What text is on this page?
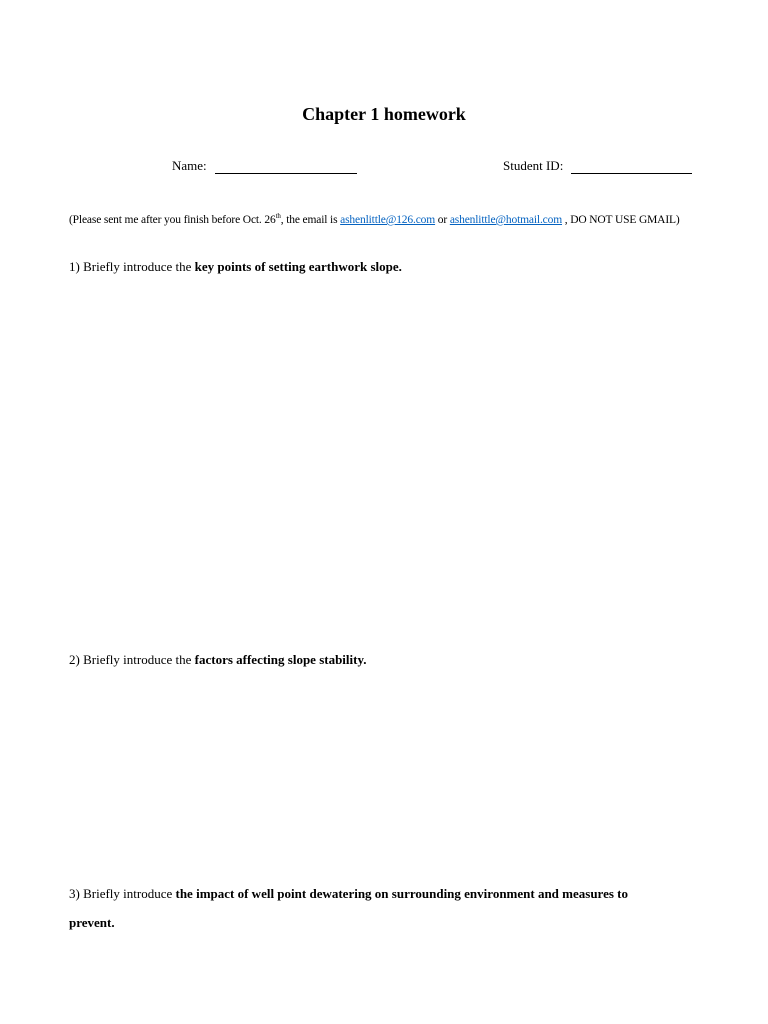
Chapter 1 homework
Name:	Student ID:
(Please sent me after you finish before Oct. 26th, the email is ashenlittle@126.com or ashenlittle@hotmail.com , DO NOT USE GMAIL)
1) Briefly introduce the key points of setting earthwork slope.
2) Briefly introduce the factors affecting slope stability.
3) Briefly introduce the impact of well point dewatering on surrounding environment and measures to prevent.
